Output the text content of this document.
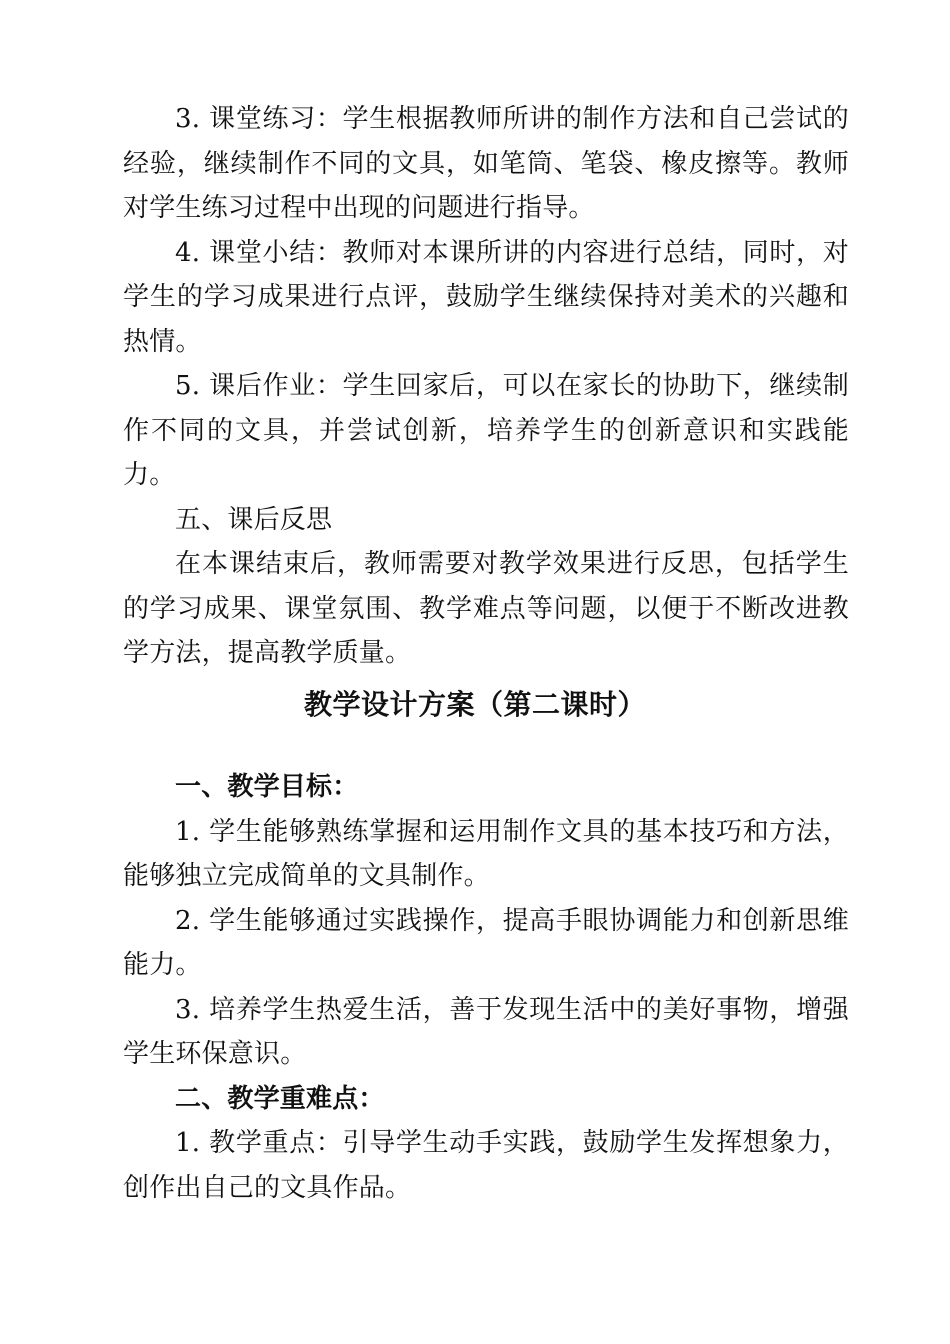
3. 课堂练习：学生根据教师所讲的制作方法和自己尝试的经验，继续制作不同的文具，如笔筒、笔袋、橡皮擦等。教师对学生练习过程中出现的问题进行指导。

4. 课堂小结：教师对本课所讲的内容进行总结，同时，对学生的学习成果进行点评，鼓励学生继续保持对美术的兴趣和热情。

5. 课后作业：学生回家后，可以在家长的协助下，继续制作不同的文具，并尝试创新，培养学生的创新意识和实践能力。

五、课后反思

在本课结束后，教师需要对教学效果进行反思，包括学生的学习成果、课堂氛围、教学难点等问题，以便于不断改进教学方法，提高教学质量。

教学设计方案（第二课时）

一、教学目标：

1. 学生能够熟练掌握和运用制作文具的基本技巧和方法，能够独立完成简单的文具制作。

2. 学生能够通过实践操作，提高手眼协调能力和创新思维能力。

3. 培养学生热爱生活，善于发现生活中的美好事物，增强学生环保意识。

二、教学重难点：

1. 教学重点：引导学生动手实践，鼓励学生发挥想象力，创作出自己的文具作品。
